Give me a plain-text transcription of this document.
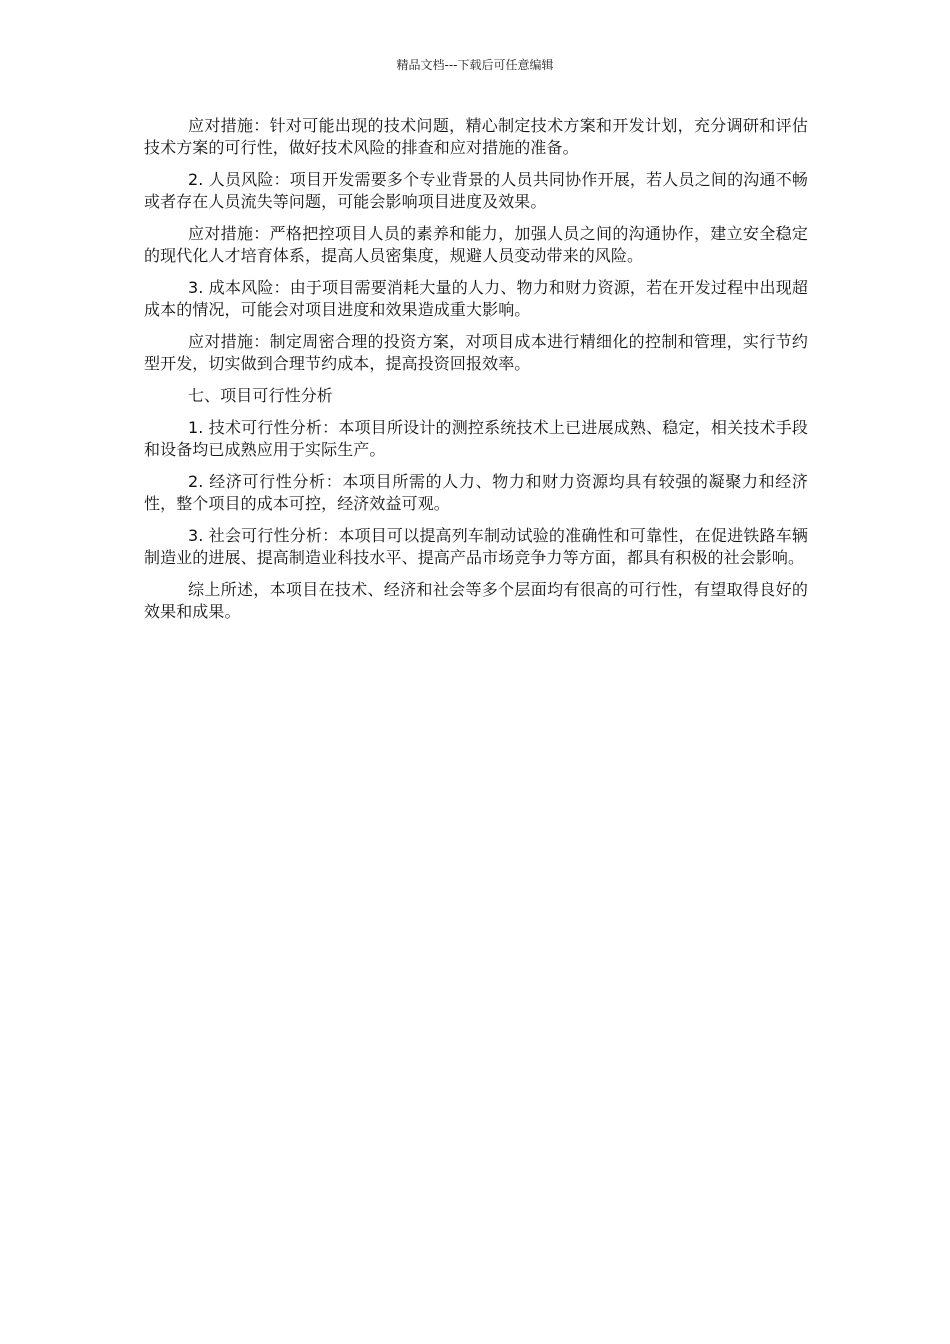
精品文档---下载后可任意编辑

应对措施：针对可能出现的技术问题，精心制定技术方案和开发计划，充分调研和评估技术方案的可行性，做好技术风险的排查和应对措施的准备。

2. 人员风险：项目开发需要多个专业背景的人员共同协作开展，若人员之间的沟通不畅或者存在人员流失等问题，可能会影响项目进度及效果。

应对措施：严格把控项目人员的素养和能力，加强人员之间的沟通协作，建立安全稳定的现代化人才培育体系，提高人员密集度，规避人员变动带来的风险。

3. 成本风险：由于项目需要消耗大量的人力、物力和财力资源，若在开发过程中出现超成本的情况，可能会对项目进度和效果造成重大影响。

应对措施：制定周密合理的投资方案，对项目成本进行精细化的控制和管理，实行节约型开发，切实做到合理节约成本，提高投资回报效率。

七、项目可行性分析

1. 技术可行性分析：本项目所设计的测控系统技术上已进展成熟、稳定，相关技术手段和设备均已成熟应用于实际生产。

2. 经济可行性分析：本项目所需的人力、物力和财力资源均具有较强的凝聚力和经济性，整个项目的成本可控，经济效益可观。

3. 社会可行性分析：本项目可以提高列车制动试验的准确性和可靠性，在促进铁路车辆制造业的进展、提高制造业科技水平、提高产品市场竞争力等方面，都具有积极的社会影响。

综上所述，本项目在技术、经济和社会等多个层面均有很高的可行性，有望取得良好的效果和成果。
